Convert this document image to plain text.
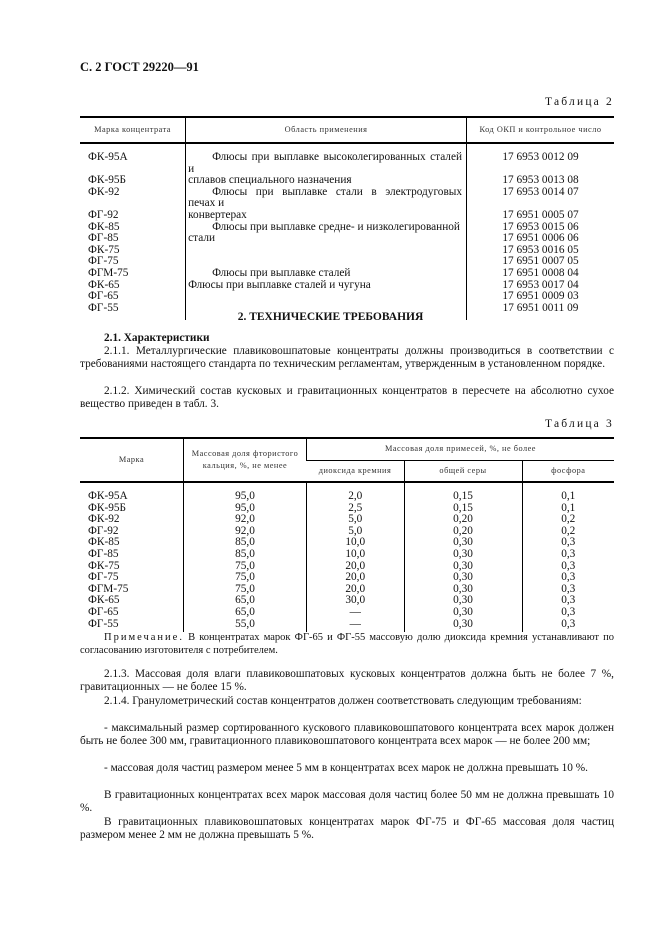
С. 2 ГОСТ 29220—91
Таблица 2
Марка концентрата	Область применения	Код ОКП и контрольное число
ФК-95А	Флюсы при выплавке высоколегированных сталей и	17 6953 0012 09
ФК-95Б	сплавов специального назначения	17 6953 0013 08
ФК-92	Флюсы при выплавке стали в электродуговых печах и	17 6953 0014 07
ФГ-92	конвертерах	17 6951 0005 07
ФК-85	Флюсы при выплавке средне- и низколегированной	17 6953 0015 06
ФГ-85	стали	17 6951 0006 06
ФК-75		17 6953 0016 05
ФГ-75		17 6951 0007 05
ФГМ-75	Флюсы при выплавке сталей	17 6951 0008 04
ФК-65	Флюсы при выплавке сталей и чугуна	17 6953 0017 04
ФГ-65		17 6951 0009 03
ФГ-55		17 6951 0011 09

2. ТЕХНИЧЕСКИЕ ТРЕБОВАНИЯ
2.1. Характеристики
2.1.1. Металлургические плавиковошпатовые концентраты должны производиться в соответствии с требованиями настоящего стандарта по техническим регламентам, утвержденным в установленном порядке.
2.1.2. Химический состав кусковых и гравитационных концентратов в пересчете на абсолютно сухое вещество приведен в табл. 3.
Таблица 3
Марка	Массовая доля фтористого кальция, %, не менее	Массовая доля примесей, %, не более		
		диоксида кремния	общей серы	фосфора
ФК-95А	95,0	2,0	0,15	0,1
ФК-95Б	95,0	2,5	0,15	0,1
ФК-92	92,0	5,0	0,20	0,2
ФГ-92	92,0	5,0	0,20	0,2
ФК-85	85,0	10,0	0,30	0,3
ФГ-85	85,0	10,0	0,30	0,3
ФК-75	75,0	20,0	0,30	0,3
ФГ-75	75,0	20,0	0,30	0,3
ФГМ-75	75,0	20,0	0,30	0,3
ФК-65	65,0	30,0	0,30	0,3
ФГ-65	65,0	—	0,30	0,3
ФГ-55	55,0	—	0,30	0,3
Примечание. В концентратах марок ФГ-65 и ФГ-55 массовую долю диоксида кремния устанавливают по согласованию изготовителя с потребителем.
2.1.3. Массовая доля влаги плавиковошпатовых кусковых концентратов должна быть не более 7 %, гравитационных — не более 15 %.
2.1.4. Гранулометрический состав концентратов должен соответствовать следующим требованиям:
- максимальный размер сортированного кускового плавиковошпатового концентрата всех марок должен быть не более 300 мм, гравитационного плавиковошпатового концентрата всех марок — не более 200 мм;
- массовая доля частиц размером менее 5 мм в концентратах всех марок не должна превышать 10 %.
В гравитационных концентратах всех марок массовая доля частиц более 50 мм не должна превышать 10 %.
В гравитационных плавиковошпатовых концентратах марок ФГ-75 и ФГ-65 массовая доля частиц размером менее 2 мм не должна превышать 5 %.
